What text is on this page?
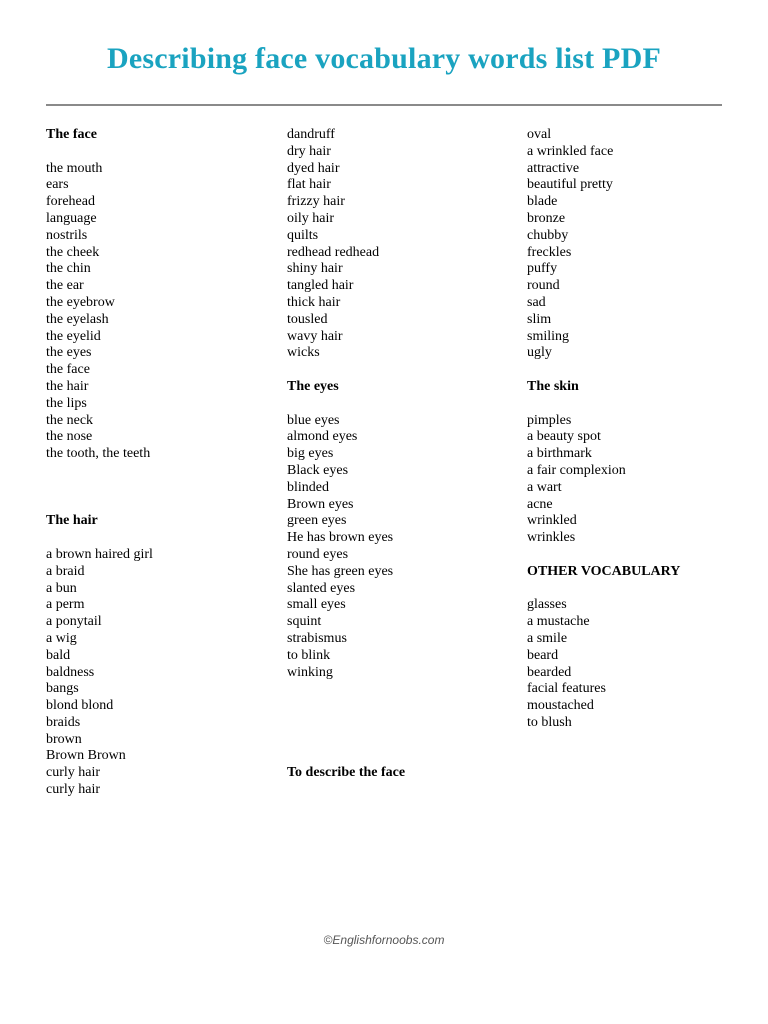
Describing face vocabulary words list PDF
The face
the mouth
ears
forehead
language
nostrils
the cheek
the chin
the ear
the eyebrow
the eyelash
the eyelid
the eyes
the face
the hair
the lips
the neck
the nose
the tooth, the teeth
The hair
a brown haired girl
a braid
a bun
a perm
a ponytail
a wig
bald
baldness
bangs
blond blond
braids
brown
Brown Brown
curly hair
curly hair
dandruff
dry hair
dyed hair
flat hair
frizzy hair
oily hair
quilts
redhead redhead
shiny hair
tangled hair
thick hair
tousled
wavy hair
wicks
The eyes
blue eyes
almond eyes
big eyes
Black eyes
blinded
Brown eyes
green eyes
He has brown eyes
round eyes
She has green eyes
slanted eyes
small eyes
squint
strabismus
to blink
winking
To describe the face
oval
a wrinkled face
attractive
beautiful pretty
blade
bronze
chubby
freckles
puffy
round
sad
slim
smiling
ugly
The skin
pimples
a beauty spot
a birthmark
a fair complexion
a wart
acne
wrinkled
wrinkles
OTHER VOCABULARY
glasses
a mustache
a smile
beard
bearded
facial features
moustached
to blush
©Englishfornoobs.com
